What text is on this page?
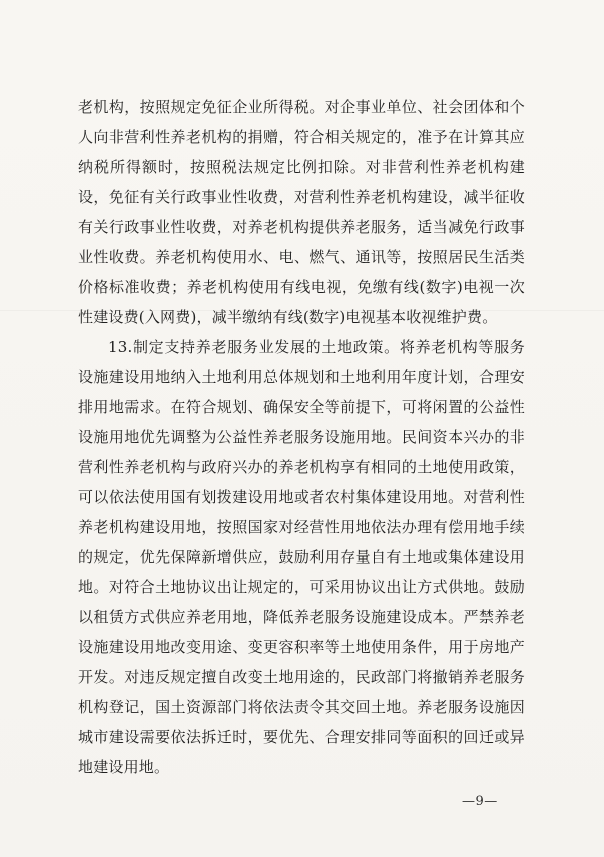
老机构，按照规定免征企业所得税。对企事业单位、社会团体和个人向非营利性养老机构的捐赠，符合相关规定的，准予在计算其应纳税所得额时，按照税法规定比例扣除。对非营利性养老机构建设，免征有关行政事业性收费，对营利性养老机构建设，减半征收有关行政事业性收费，对养老机构提供养老服务，适当减免行政事业性收费。养老机构使用水、电、燃气、通讯等，按照居民生活类价格标准收费；养老机构使用有线电视，免缴有线(数字)电视一次性建设费(入网费)，减半缴纳有线(数字)电视基本收视维护费。

13.制定支持养老服务业发展的土地政策。将养老机构等服务设施建设用地纳入土地利用总体规划和土地利用年度计划，合理安排用地需求。在符合规划、确保安全等前提下，可将闲置的公益性设施用地优先调整为公益性养老服务设施用地。民间资本兴办的非营利性养老机构与政府兴办的养老机构享有相同的土地使用政策，可以依法使用国有划拨建设用地或者农村集体建设用地。对营利性养老机构建设用地，按照国家对经营性用地依法办理有偿用地手续的规定，优先保障新增供应，鼓励利用存量自有土地或集体建设用地。对符合土地协议出让规定的，可采用协议出让方式供地。鼓励以租赁方式供应养老用地，降低养老服务设施建设成本。严禁养老设施建设用地改变用途、变更容积率等土地使用条件，用于房地产开发。对违反规定擅自改变土地用途的，民政部门将撤销养老服务机构登记，国土资源部门将依法责令其交回土地。养老服务设施因城市建设需要依法拆迁时，要优先、合理安排同等面积的回迁或异地建设用地。

—9—
